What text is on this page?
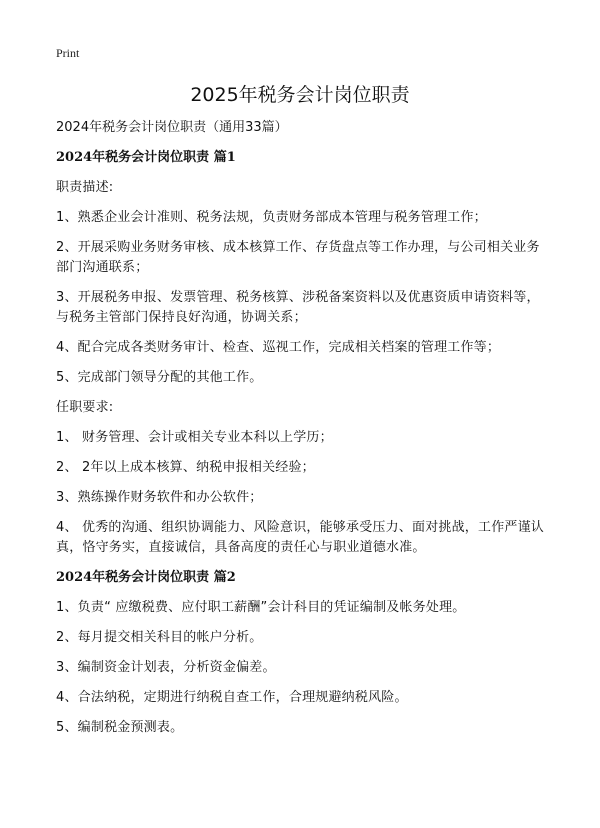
Print
2025年税务会计岗位职责

2024年税务会计岗位职责（通用33篇）

2024年税务会计岗位职责 篇1

职责描述:

1、熟悉企业会计准则、税务法规，负责财务部成本管理与税务管理工作；

2、开展采购业务财务审核、成本核算工作、存货盘点等工作办理，与公司相关业务部门沟通联系；

3、开展税务申报、发票管理、税务核算、涉税备案资料以及优惠资质申请资料等，与税务主管部门保持良好沟通，协调关系；

4、配合完成各类财务审计、检查、巡视工作，完成相关档案的管理工作等；

5、完成部门领导分配的其他工作。

任职要求:

1、 财务管理、会计或相关专业本科以上学历；

2、 2年以上成本核算、纳税申报相关经验；

3、熟练操作财务软件和办公软件；

4、 优秀的沟通、组织协调能力、风险意识，能够承受压力、面对挑战，工作严谨认真，恪守务实，直接诚信，具备高度的责任心与职业道德水准。

2024年税务会计岗位职责 篇2

1、负责“ 应缴税费、应付职工薪酬”会计科目的凭证编制及帐务处理。

2、每月提交相关科目的帐户分析。

3、编制资金计划表，分析资金偏差。

4、合法纳税，定期进行纳税自查工作，合理规避纳税风险。

5、编制税金预测表。
